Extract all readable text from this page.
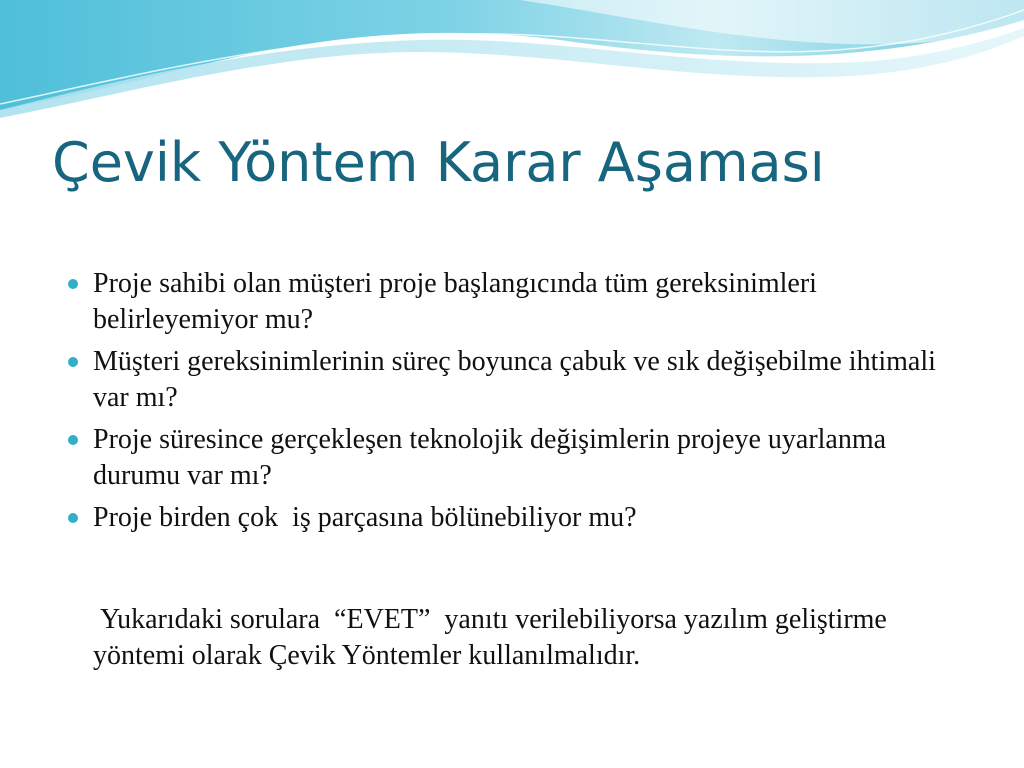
Çevik Yöntem Karar Aşaması
Proje sahibi olan müşteri proje başlangıcında tüm gereksinimleri belirleyemiyor mu?
Müşteri gereksinimlerinin süreç boyunca çabuk ve sık değişebilme ihtimali var mı?
Proje süresince gerçekleşen teknolojik değişimlerin projeye uyarlanma durumu var mı?
Proje birden çok  iş parçasına bölünebiliyor mu?

Yukarıdaki sorulara  “EVET”  yanıtı verilebiliyorsa yazılım geliştirme yöntemi olarak Çevik Yöntemler kullanılmalıdır.
